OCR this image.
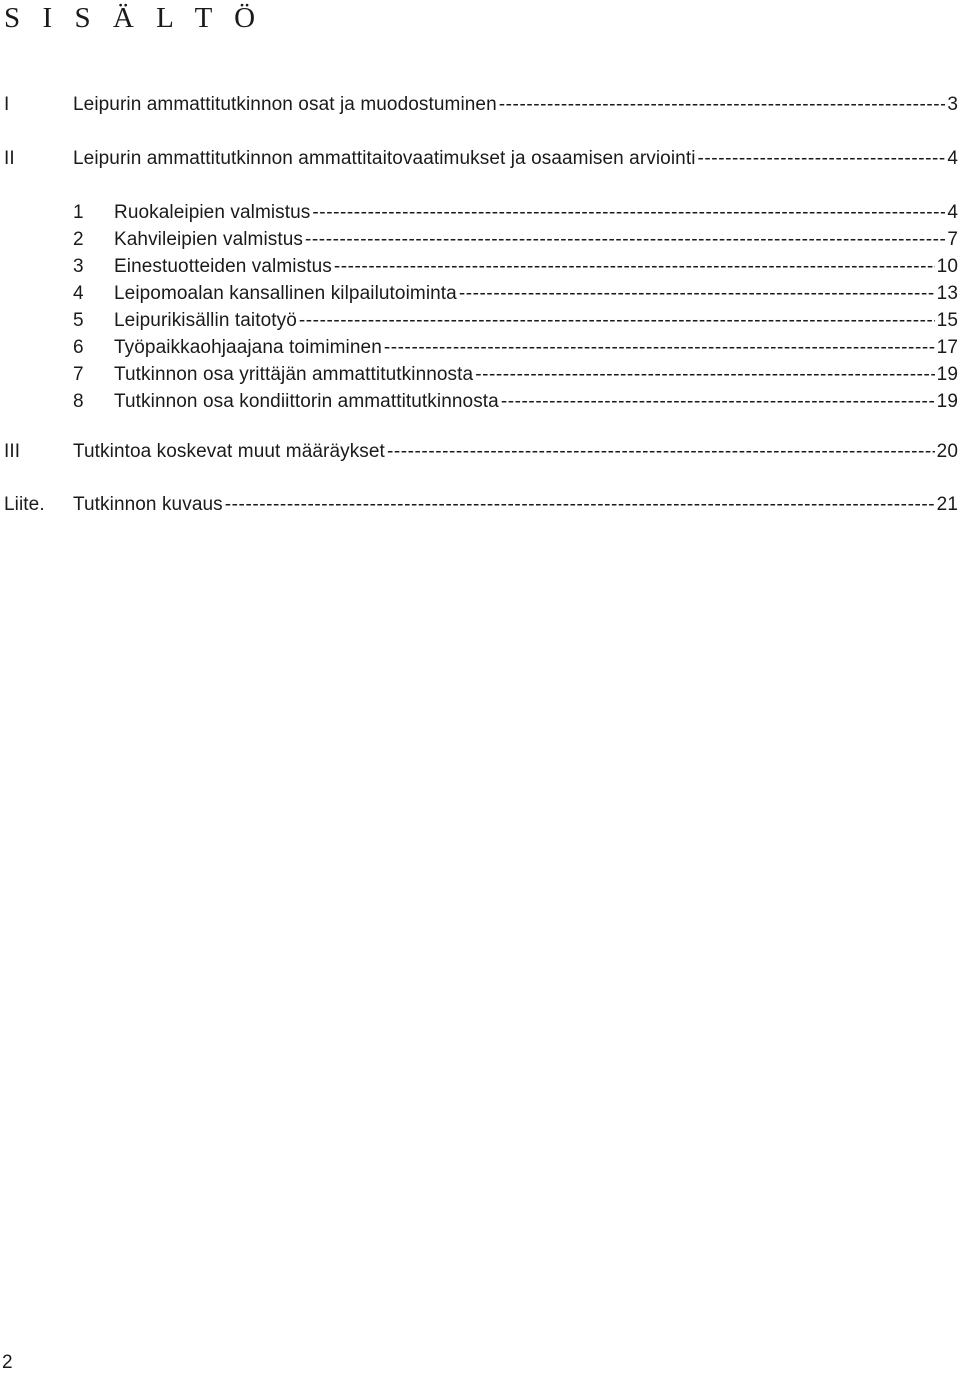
S I S Ä L T Ö
I	Leipurin ammattitutkinnon osat ja muodostuminen -----	3
II	Leipurin ammattitutkinnon ammattitaitovaatimukset ja osaamisen arviointi -----	4
1 Ruokaleipien valmistus -----	4
2 Kahvileipien valmistus -----	7
3 Einestuotteiden valmistus -----	10
4 Leipomoalan kansallinen kilpailutoiminta -----	13
5 Leipurikisällin taitotyö -----	15
6 Työpaikkaohjaajana toimiminen -----	17
7 Tutkinnon osa yrittäjän ammattitutkinnosta -----	19
8 Tutkinnon osa kondiittorin ammattitutkinnosta -----	19
III	Tutkintoa koskevat muut määräykset -----	20
Liite. Tutkinnon kuvaus -----	21
2
